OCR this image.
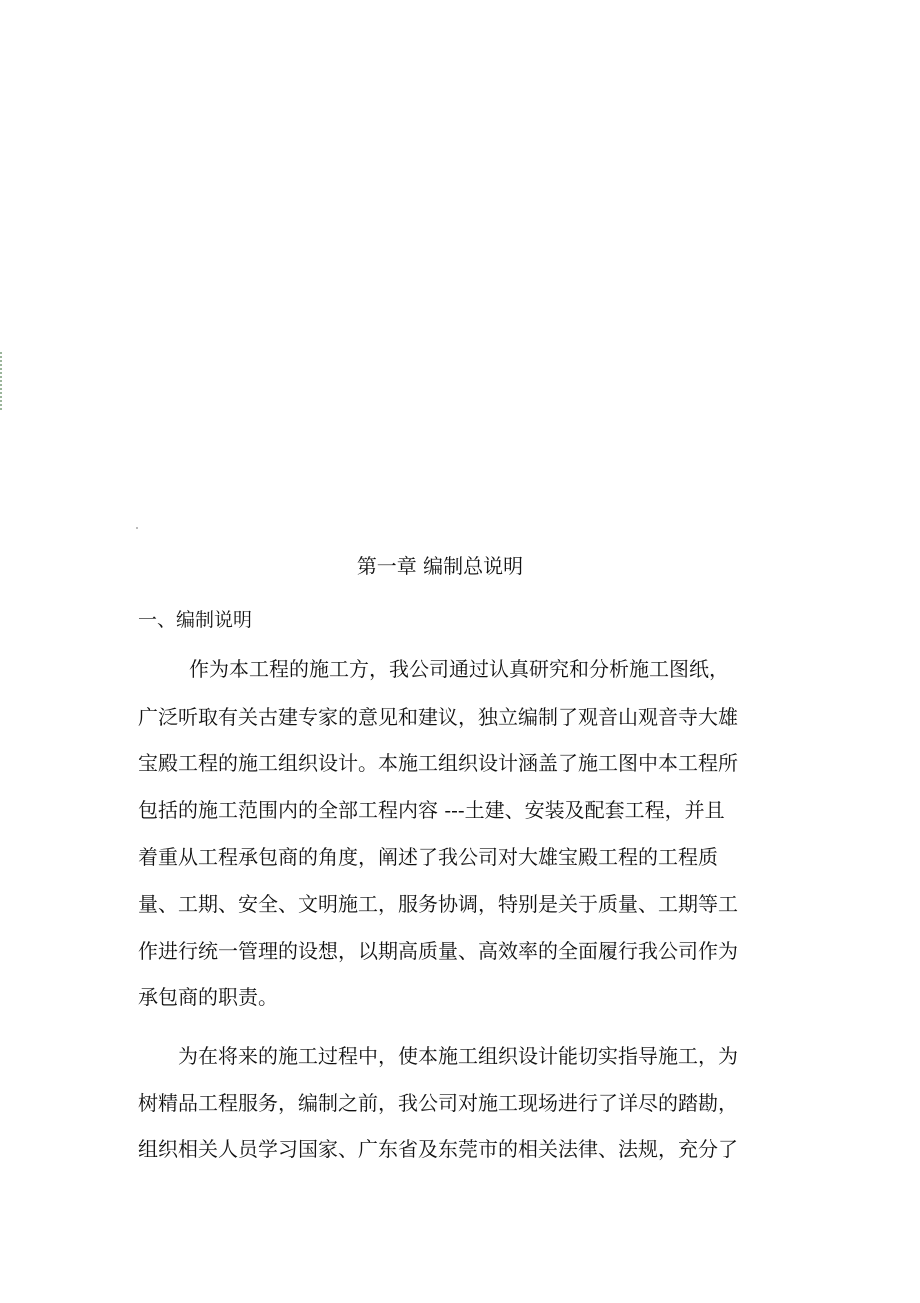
第一章 编制总说明
一、编制说明
作为本工程的施工方，我公司通过认真研究和分析施工图纸，
广泛听取有关古建专家的意见和建议，独立编制了观音山观音寺大雄
宝殿工程的施工组织设计。本施工组织设计涵盖了施工图中本工程所
包括的施工范围内的全部工程内容 ---土建、安装及配套工程，并且
着重从工程承包商的角度，阐述了我公司对大雄宝殿工程的工程质
量、工期、安全、文明施工，服务协调，特别是关于质量、工期等工
作进行统一管理的设想，以期高质量、高效率的全面履行我公司作为
承包商的职责。
为在将来的施工过程中，使本施工组织设计能切实指导施工，为
树精品工程服务，编制之前，我公司对施工现场进行了详尽的踏勘，
组织相关人员学习国家、广东省及东莞市的相关法律、法规，充分了
